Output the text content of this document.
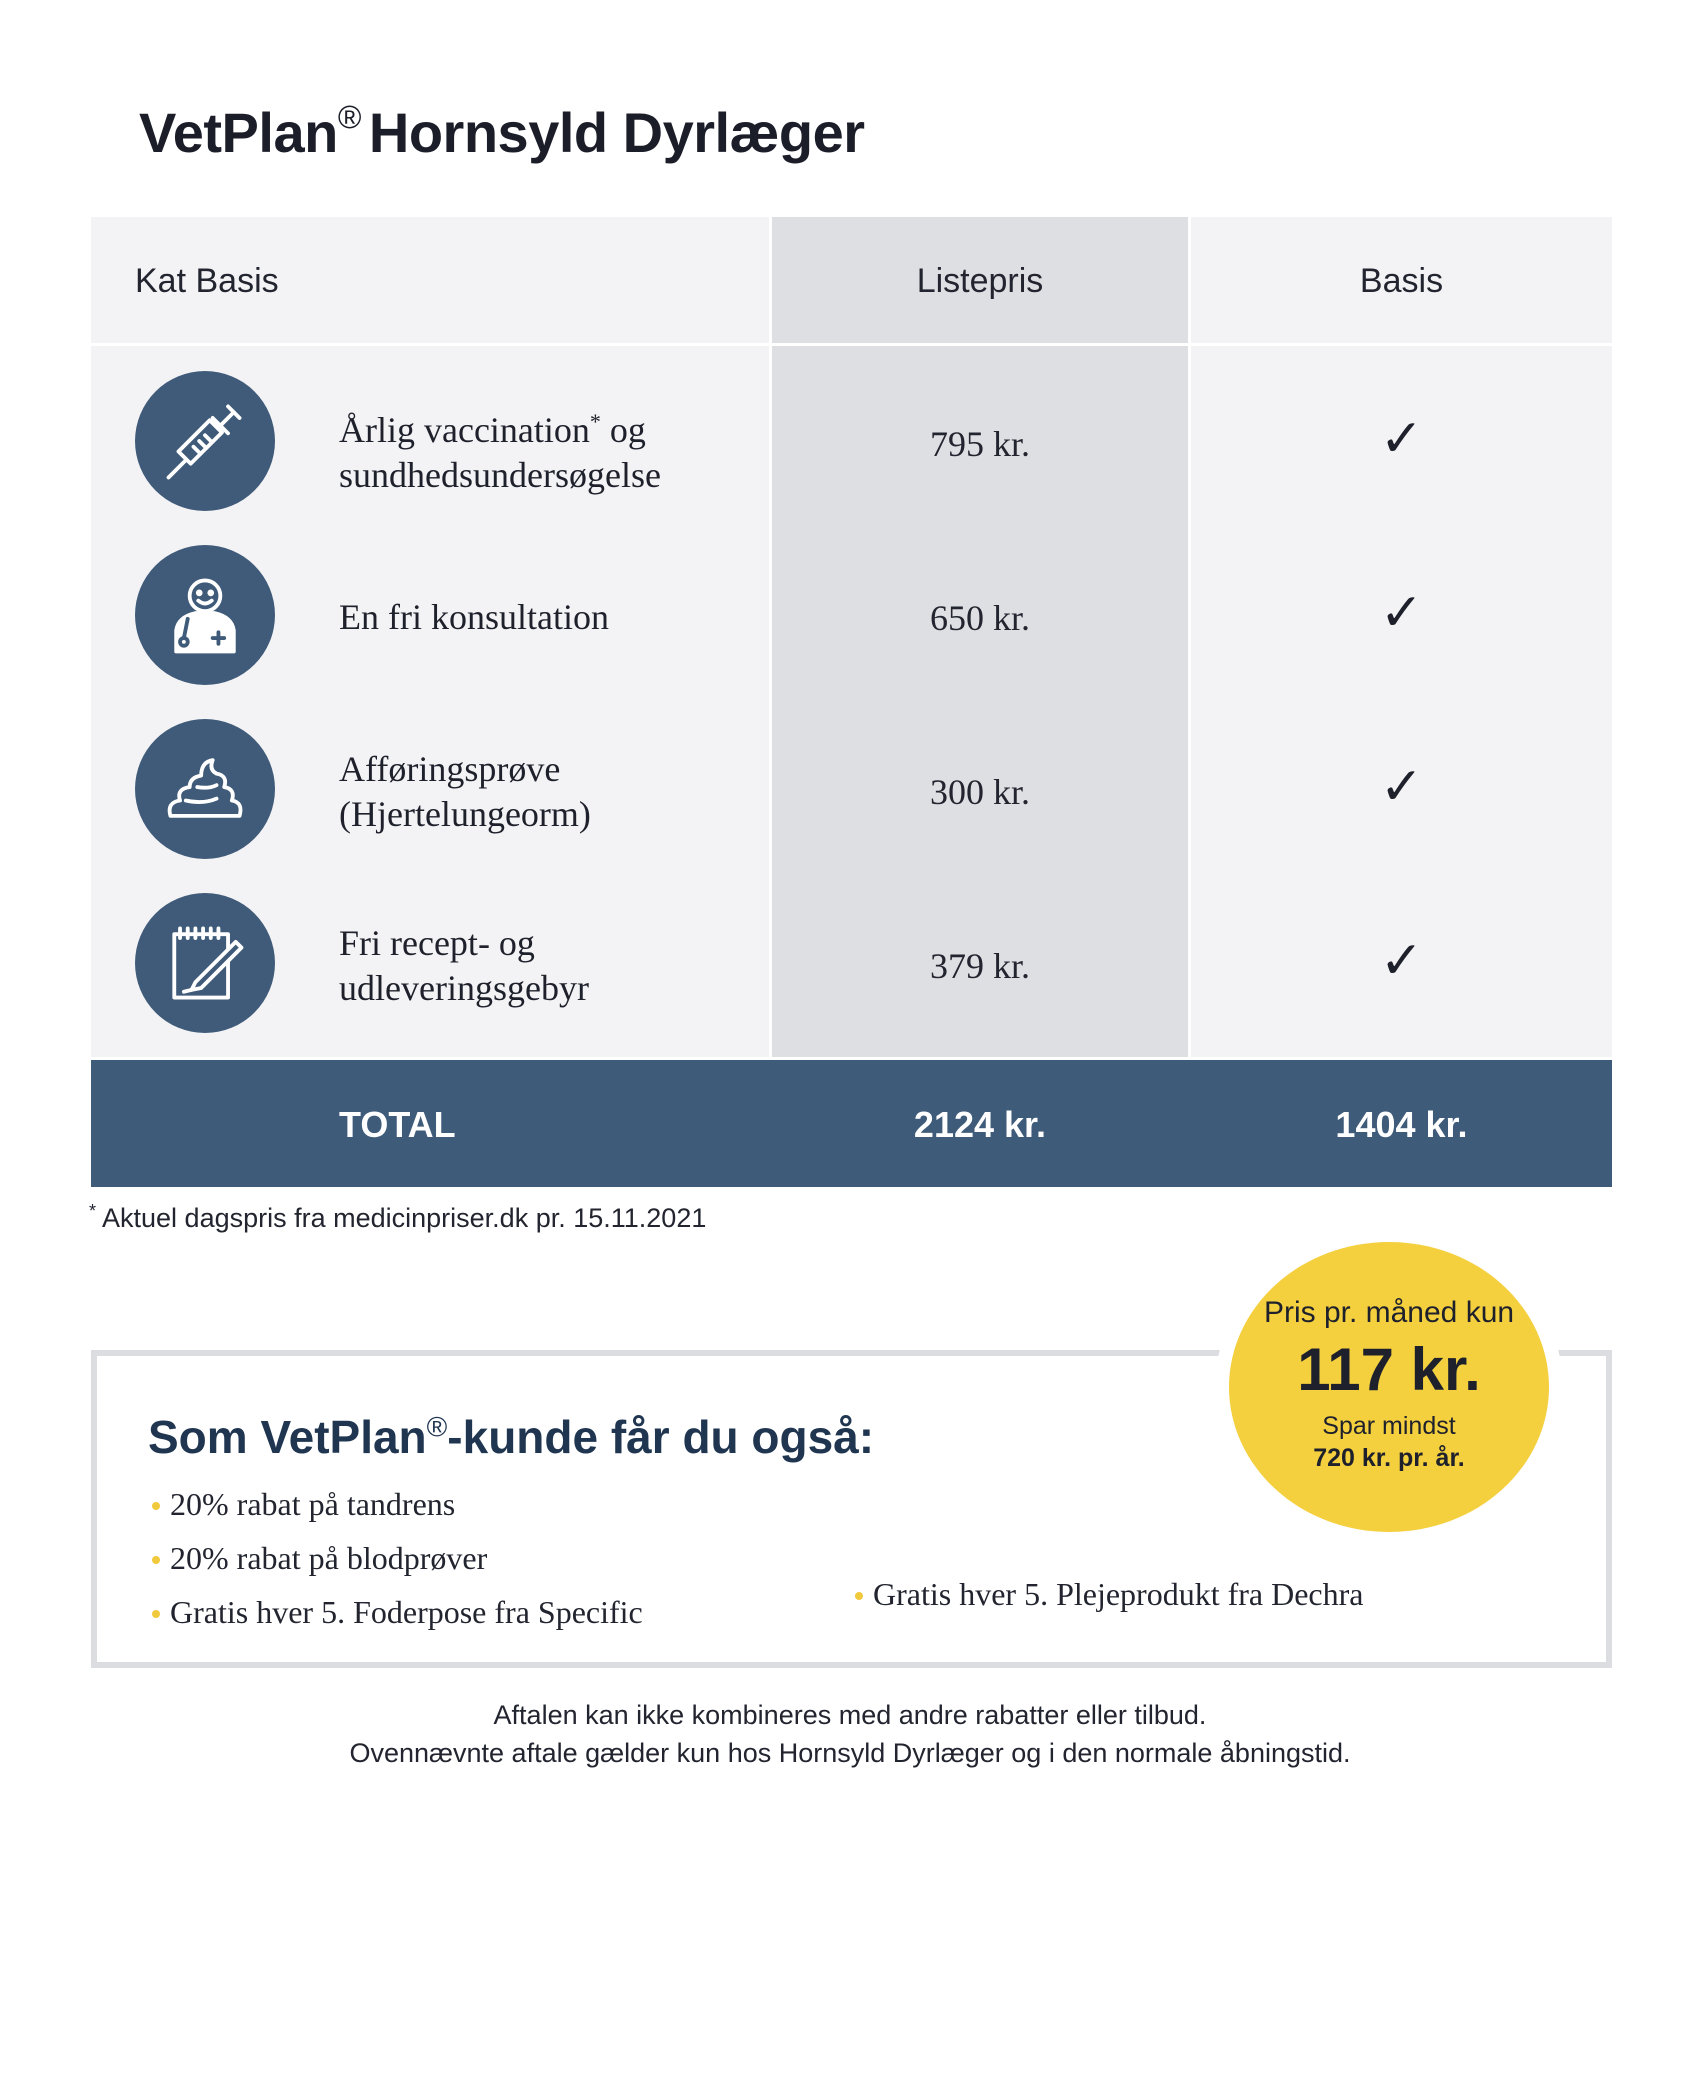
VetPlan® Hornsyld Dyrlæger
Kat Basis	Listepris	Basis
Årlig vaccination* og
sundhedsundersøgelse
795 kr.	✓
En fri konsultation	650 kr.	✓
Afføringsprøve
(Hjertelungeorm)
300 kr.	✓
Fri recept- og
udleveringsgebyr
379 kr.	✓
TOTAL	2124 kr.	1404 kr.
* Aktuel dagspris fra medicinpriser.dk pr. 15.11.2021
Som VetPlan®-kunde får du også:
20% rabat på tandrens
20% rabat på blodprøver
Gratis hver 5. Foderpose fra Specific	Gratis hver 5. Plejeprodukt fra Dechra
Pris pr. måned kun
117 kr.
Spar mindst
720 kr. pr. år.
Aftalen kan ikke kombineres med andre rabatter eller tilbud.
Ovennævnte aftale gælder kun hos Hornsyld Dyrlæger og i den normale åbningstid.
